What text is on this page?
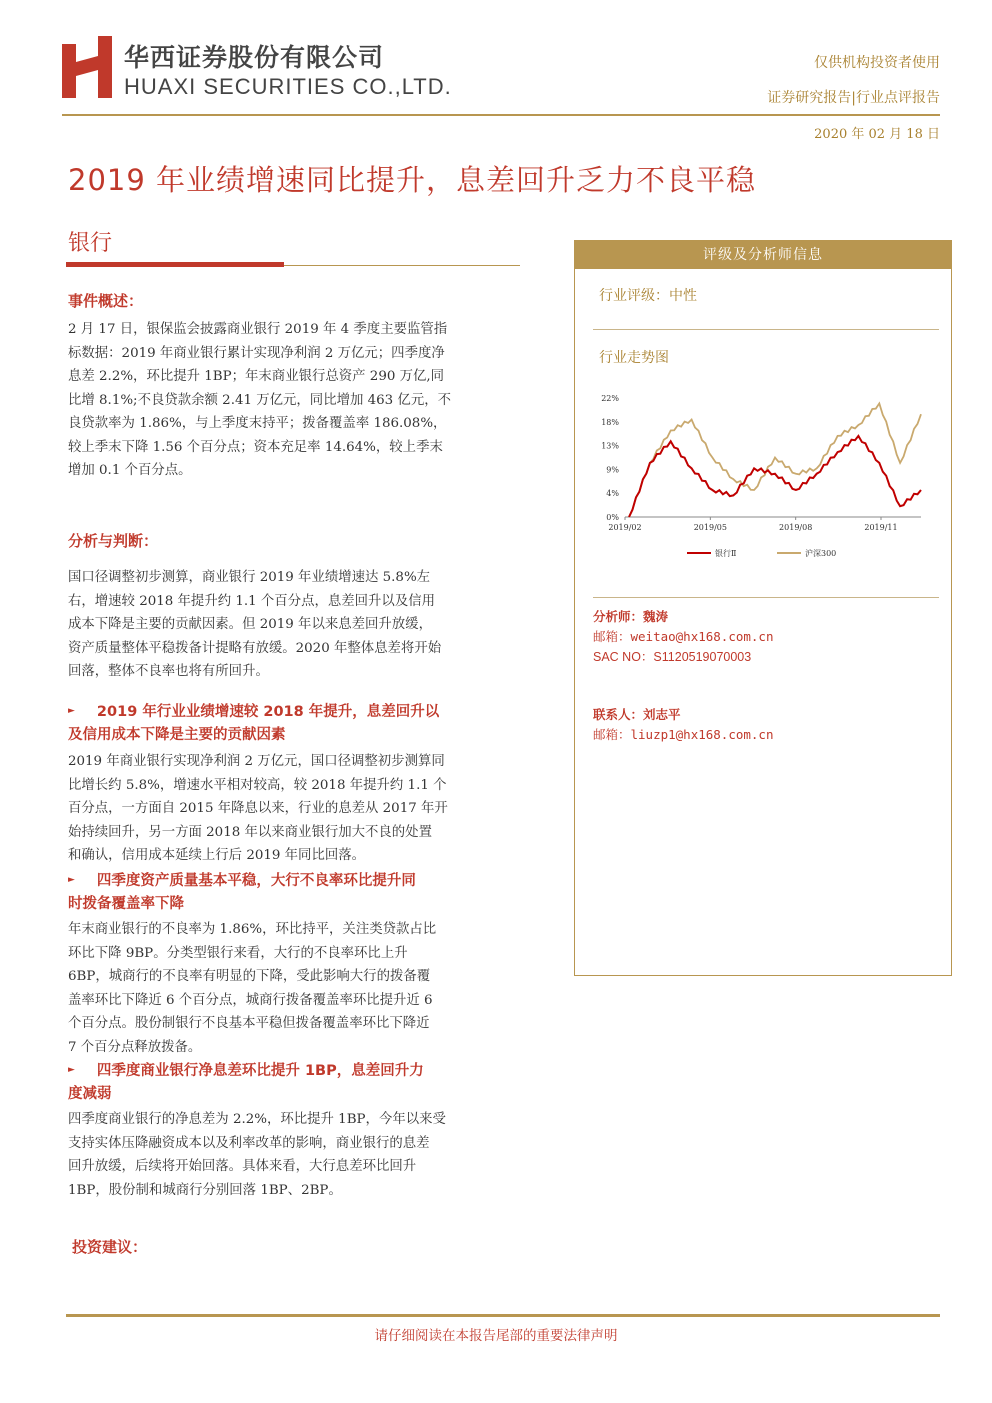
华西证券股份有限公司
HUAXI SECURITIES CO.,LTD.
仅供机构投资者使用
证券研究报告|行业点评报告
2020 年 02 月 18 日
2019 年业绩增速同比提升，息差回升乏力不良平稳
银行
事件概述：
2 月 17 日，银保监会披露商业银行 2019 年 4 季度主要监管指
标数据：2019 年商业银行累计实现净利润 2 万亿元；四季度净
息差 2.2%，环比提升 1BP；年末商业银行总资产 290 万亿,同
比增 8.1%;不良贷款余额 2.41 万亿元，同比增加 463 亿元，不
良贷款率为 1.86%，与上季度末持平；拨备覆盖率 186.08%，
较上季末下降 1.56 个百分点；资本充足率 14.64%，较上季末
增加 0.1 个百分点。
分析与判断：
国口径调整初步测算，商业银行 2019 年业绩增速达 5.8%左
右，增速较 2018 年提升约 1.1 个百分点，息差回升以及信用
成本下降是主要的贡献因素。但 2019 年以来息差回升放缓，
资产质量整体平稳拨备计提略有放缓。2020 年整体息差将开始
回落，整体不良率也将有所回升。
► 2019 年行业业绩增速较 2018 年提升，息差回升以
及信用成本下降是主要的贡献因素
2019 年商业银行实现净利润 2 万亿元，国口径调整初步测算同
比增长约 5.8%，增速水平相对较高，较 2018 年提升约 1.1 个
百分点，一方面自 2015 年降息以来，行业的息差从 2017 年开
始持续回升，另一方面 2018 年以来商业银行加大不良的处置
和确认，信用成本延续上行后 2019 年同比回落。
► 四季度资产质量基本平稳，大行不良率环比提升同
时拨备覆盖率下降
年末商业银行的不良率为 1.86%，环比持平，关注类贷款占比
环比下降 9BP。分类型银行来看，大行的不良率环比上升
6BP，城商行的不良率有明显的下降，受此影响大行的拨备覆
盖率环比下降近 6 个百分点，城商行拨备覆盖率环比提升近 6
个百分点。股份制银行不良基本平稳但拨备覆盖率环比下降近
7 个百分点释放拨备。
► 四季度商业银行净息差环比提升 1BP，息差回升力
度减弱
四季度商业银行的净息差为 2.2%，环比提升 1BP，今年以来受
支持实体压降融资成本以及利率改革的影响，商业银行的息差
回升放缓，后续将开始回落。具体来看，大行息差环比回升
1BP，股份制和城商行分别回落 1BP、2BP。
投资建议：
评级及分析师信息
行业评级：中性
行业走势图
0%
4%
9%
13%
18%
22%
2019/02	2019/05	2019/08	2019/11
银行Ⅱ	沪深300
分析师：魏涛
邮箱：weitao@hx168.com.cn
SAC NO：S1120519070003
联系人：刘志平
邮箱：liuzp1@hx168.com.cn
请仔细阅读在本报告尾部的重要法律声明
